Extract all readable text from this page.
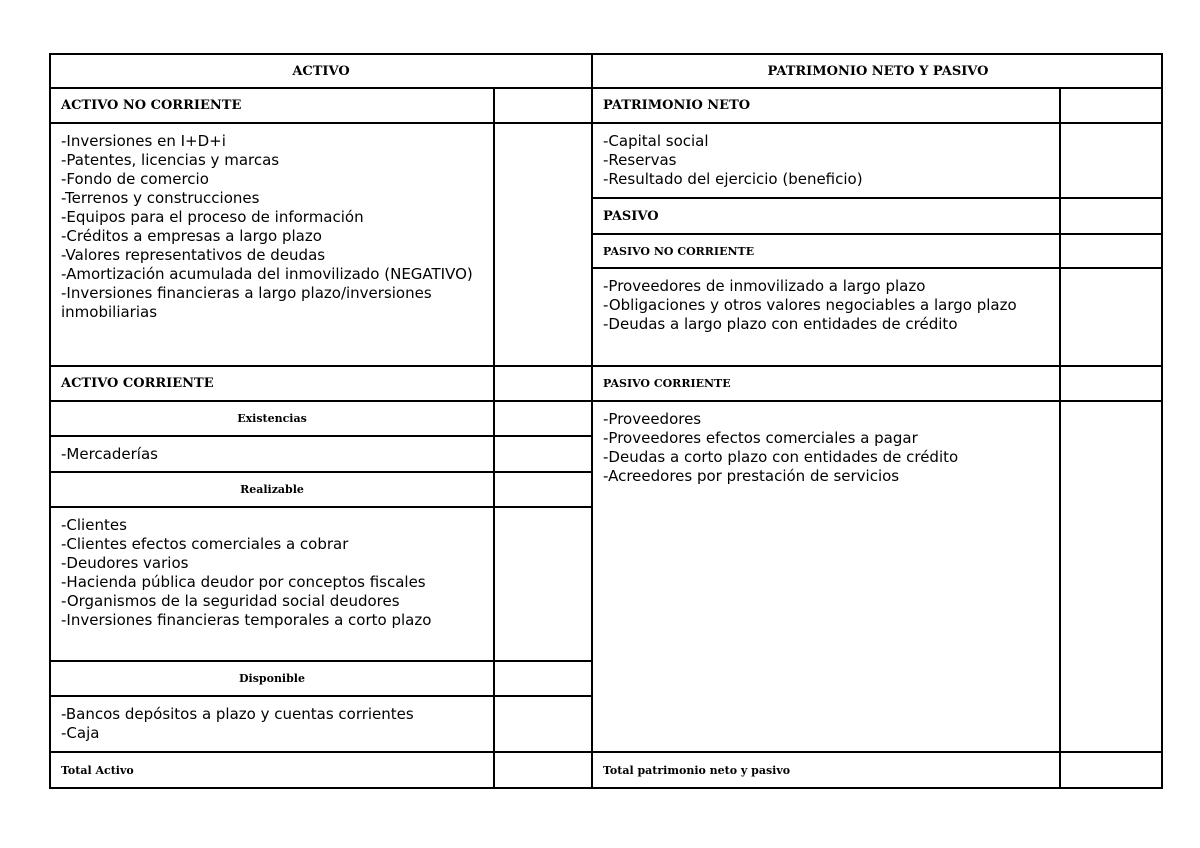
ACTIVO	PATRIMONIO NETO Y PASIVO
ACTIVO NO CORRIENTE
-Inversiones en I+D+i
-Patentes, licencias y marcas
-Fondo de comercio
-Terrenos y construcciones
-Equipos para el proceso de información
-Créditos a empresas a largo plazo
-Valores representativos de deudas
-Amortización acumulada del inmovilizado (NEGATIVO)
-Inversiones financieras a largo plazo/inversiones inmobiliarias
ACTIVO CORRIENTE
Existencias
-Mercaderías
Realizable
-Clientes
-Clientes efectos comerciales a cobrar
-Deudores varios
-Hacienda pública deudor por conceptos fiscales
-Organismos de la seguridad social deudores
-Inversiones financieras temporales a corto plazo
Disponible
-Bancos depósitos a plazo y cuentas corrientes
-Caja
Total Activo
PATRIMONIO NETO
-Capital social
-Reservas
-Resultado del ejercicio (beneficio)
PASIVO
PASIVO NO CORRIENTE
-Proveedores de inmovilizado a largo plazo
-Obligaciones y otros valores negociables a largo plazo
-Deudas a largo plazo con entidades de crédito
PASIVO CORRIENTE
-Proveedores
-Proveedores efectos comerciales a pagar
-Deudas a corto plazo con entidades de crédito
-Acreedores por prestación de servicios
Total patrimonio neto y pasivo
